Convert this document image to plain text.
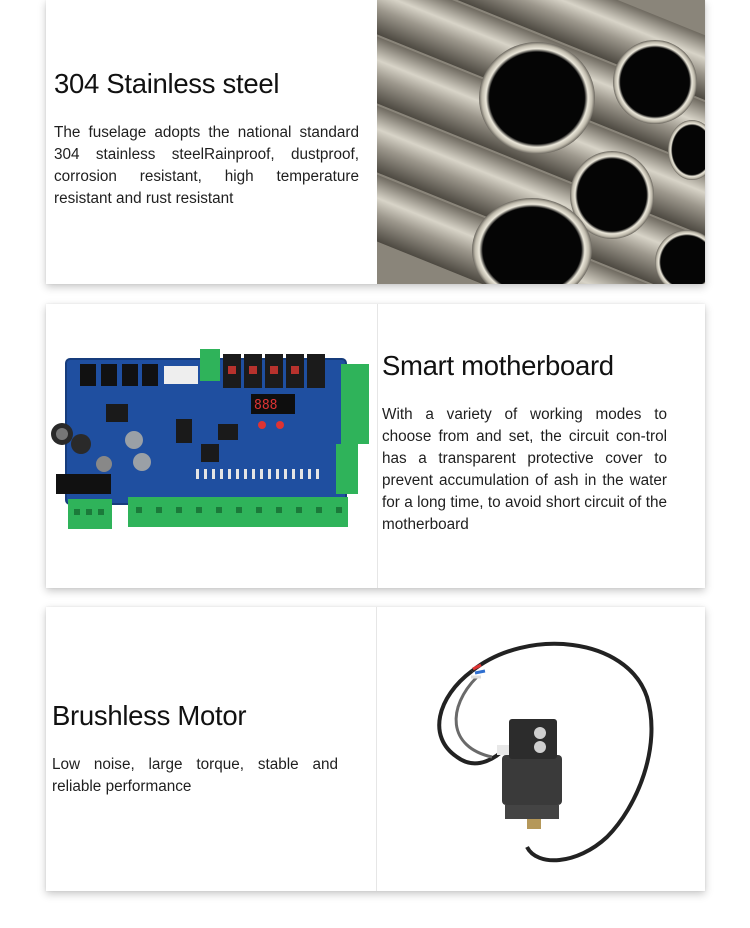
304 Stainless steel

The fuselage adopts the national standard 304 stainless steelRainproof, dustproof, corrosion resistant, high temperature resistant and rust resistant

888
Smart motherboard

With a variety of working modes to choose from and set, the circuit con-trol has a transparent protective cover to prevent accumulation of ash in the water for a long time, to avoid short circuit of the motherboard

Brushless Motor

Low noise, large torque, stable and reliable performance
